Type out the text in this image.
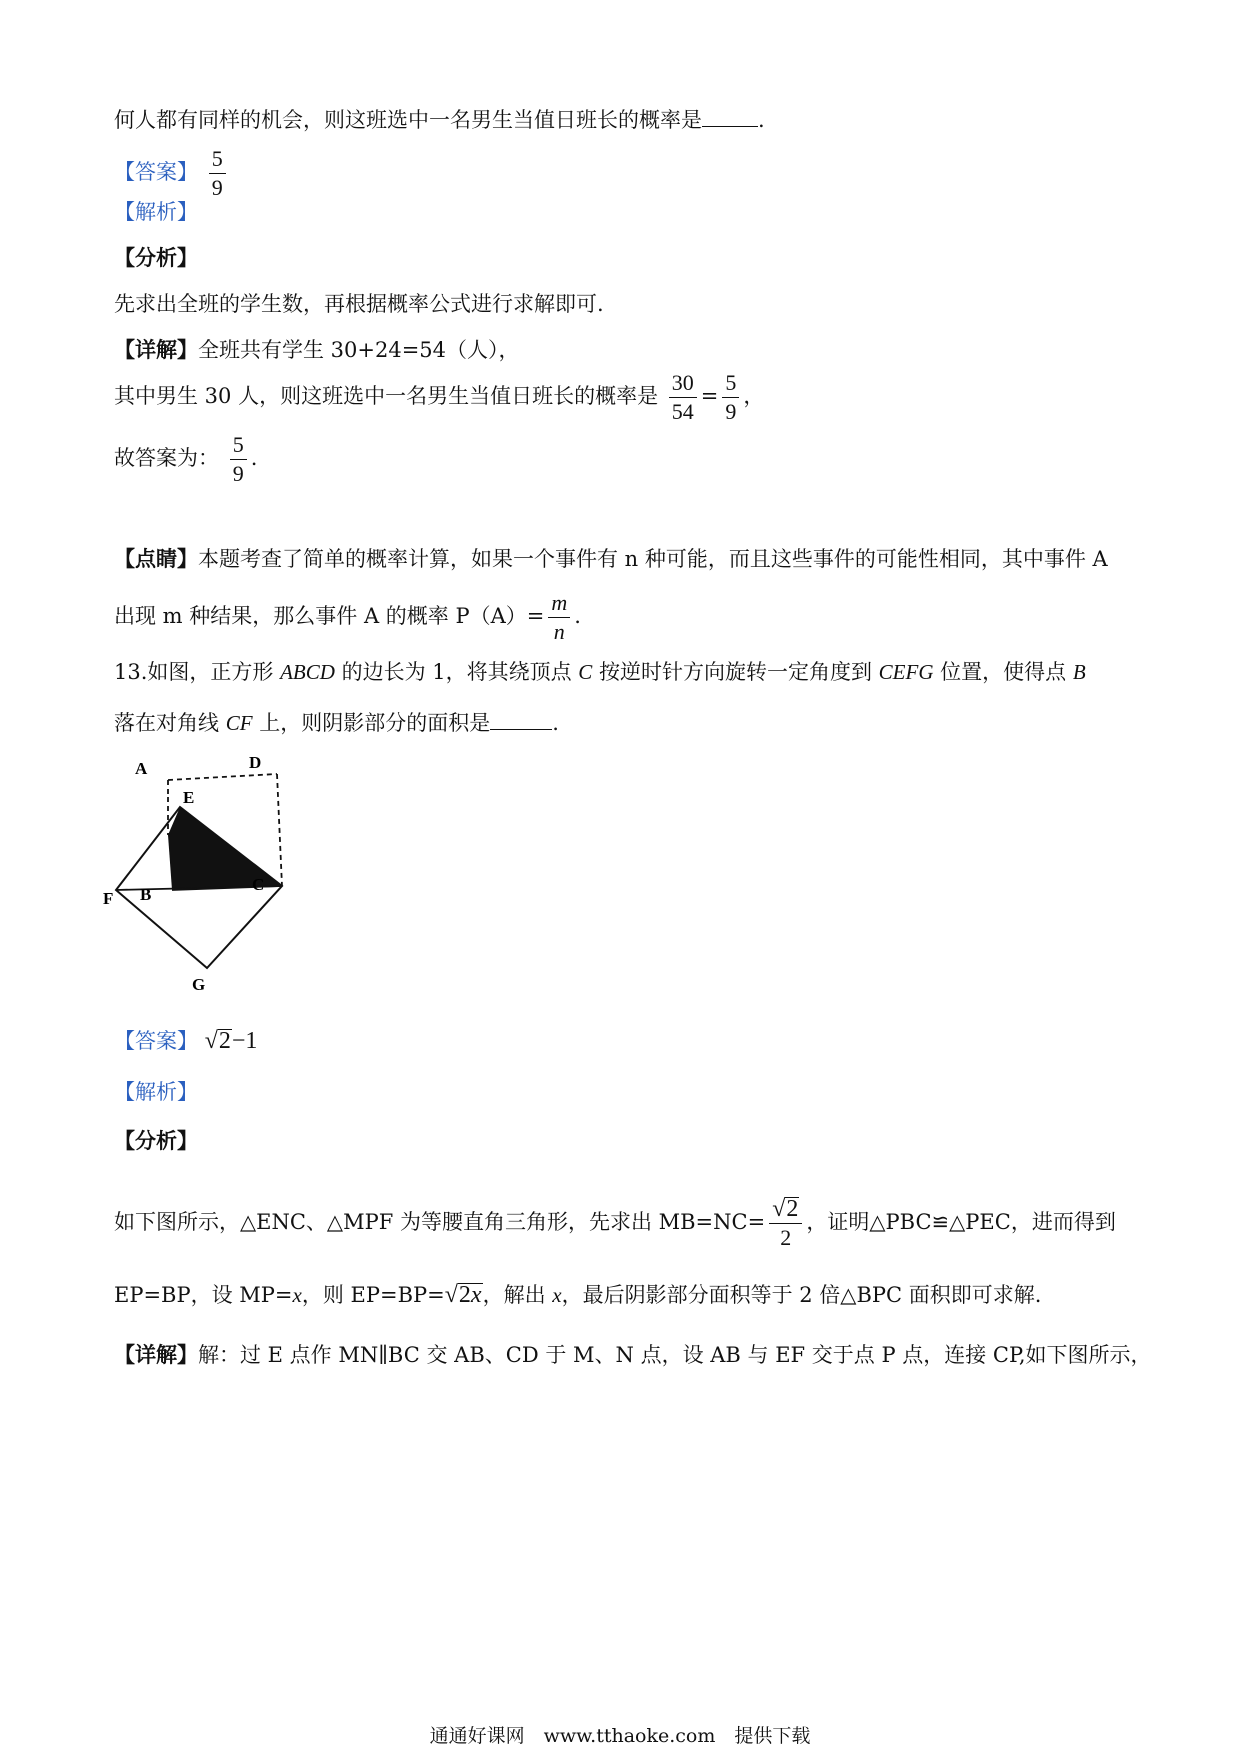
何人都有同样的机会，则这班选中一名男生当值日班长的概率是	.
【答案】 $\frac{5}{9}$
【解析】
【分析】
先求出全班的学生数，再根据概率公式进行求解即可.
【详解】全班共有学生 30+24=54（人），
其中男生 30 人，则这班选中一名男生当值日班长的概率是 $\frac{30}{54} = \frac{5}{9}$ ，
故答案为： $\frac{5}{9}$ .
【点睛】本题考查了简单的概率计算，如果一个事件有 n 种可能，而且这些事件的可能性相同，其中事件 A
出现 m 种结果，那么事件 A 的概率 $P(A)= \frac{m}{n}$ .
13.如图，正方形 ABCD 的边长为 1，将其绕顶点 C 按逆时针方向旋转一定角度到 CEFG 位置，使得点 B
落在对角线 CF 上，则阴影部分的面积是	.
A	D
E
F B
C
G
【答案】 √2−1
【解析】
【分析】
如下图所示，△ENC、△MPF 为等腰直角三角形，先求出 $MB=NC= \frac{√2}{2}$ ，证明△PBC≌△PEC，进而得到
EP=BP，设 MP=x，则 EP=BP=√2x，解出 x，最后阴影部分面积等于 2 倍△BPC 面积即可求解.
【详解】解：过 E 点作 MN∥BC 交 AB、CD 于 M、N 点，设 AB 与 EF 交于点 P 点，连接 CP,如下图所示，
通通好课网　www.tthaoke.com　提供下载
